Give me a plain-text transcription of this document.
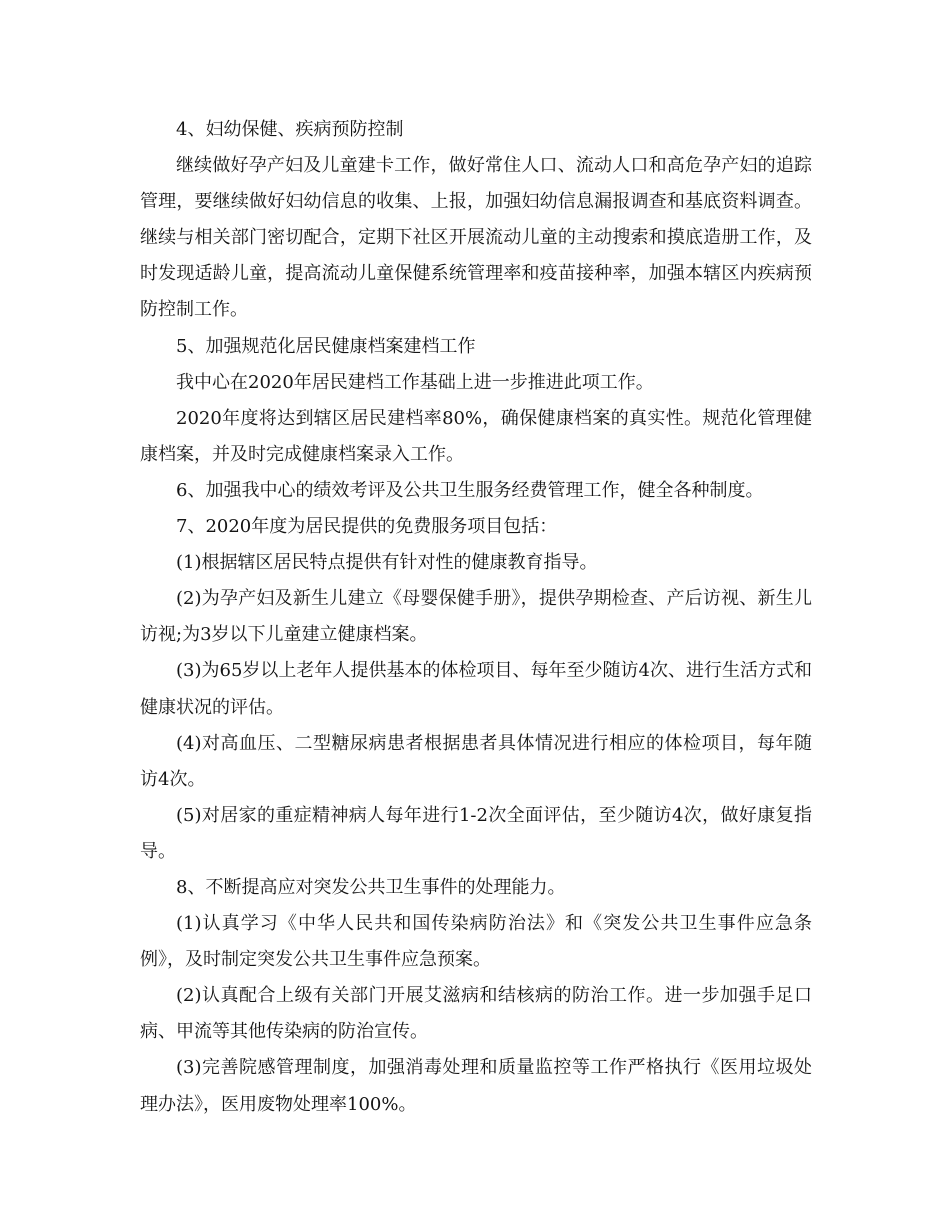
4、妇幼保健、疾病预防控制

继续做好孕产妇及儿童建卡工作，做好常住人口、流动人口和高危孕产妇的追踪管理，要继续做好妇幼信息的收集、上报，加强妇幼信息漏报调查和基底资料调查。继续与相关部门密切配合，定期下社区开展流动儿童的主动搜索和摸底造册工作，及时发现适龄儿童，提高流动儿童保健系统管理率和疫苗接种率，加强本辖区内疾病预防控制工作。

5、加强规范化居民健康档案建档工作

我中心在2020年居民建档工作基础上进一步推进此项工作。

2020年度将达到辖区居民建档率80%，确保健康档案的真实性。规范化管理健康档案，并及时完成健康档案录入工作。

6、加强我中心的绩效考评及公共卫生服务经费管理工作，健全各种制度。

7、2020年度为居民提供的免费服务项目包括：

(1)根据辖区居民特点提供有针对性的健康教育指导。

(2)为孕产妇及新生儿建立《母婴保健手册》，提供孕期检查、产后访视、新生儿访视;为3岁以下儿童建立健康档案。

(3)为65岁以上老年人提供基本的体检项目、每年至少随访4次、进行生活方式和健康状况的评估。

(4)对高血压、二型糖尿病患者根据患者具体情况进行相应的体检项目，每年随访4次。

(5)对居家的重症精神病人每年进行1-2次全面评估，至少随访4次，做好康复指导。

8、不断提高应对突发公共卫生事件的处理能力。

(1)认真学习《中华人民共和国传染病防治法》和《突发公共卫生事件应急条例》，及时制定突发公共卫生事件应急预案。

(2)认真配合上级有关部门开展艾滋病和结核病的防治工作。进一步加强手足口病、甲流等其他传染病的防治宣传。

(3)完善院感管理制度，加强消毒处理和质量监控等工作严格执行《医用垃圾处理办法》，医用废物处理率100%。
